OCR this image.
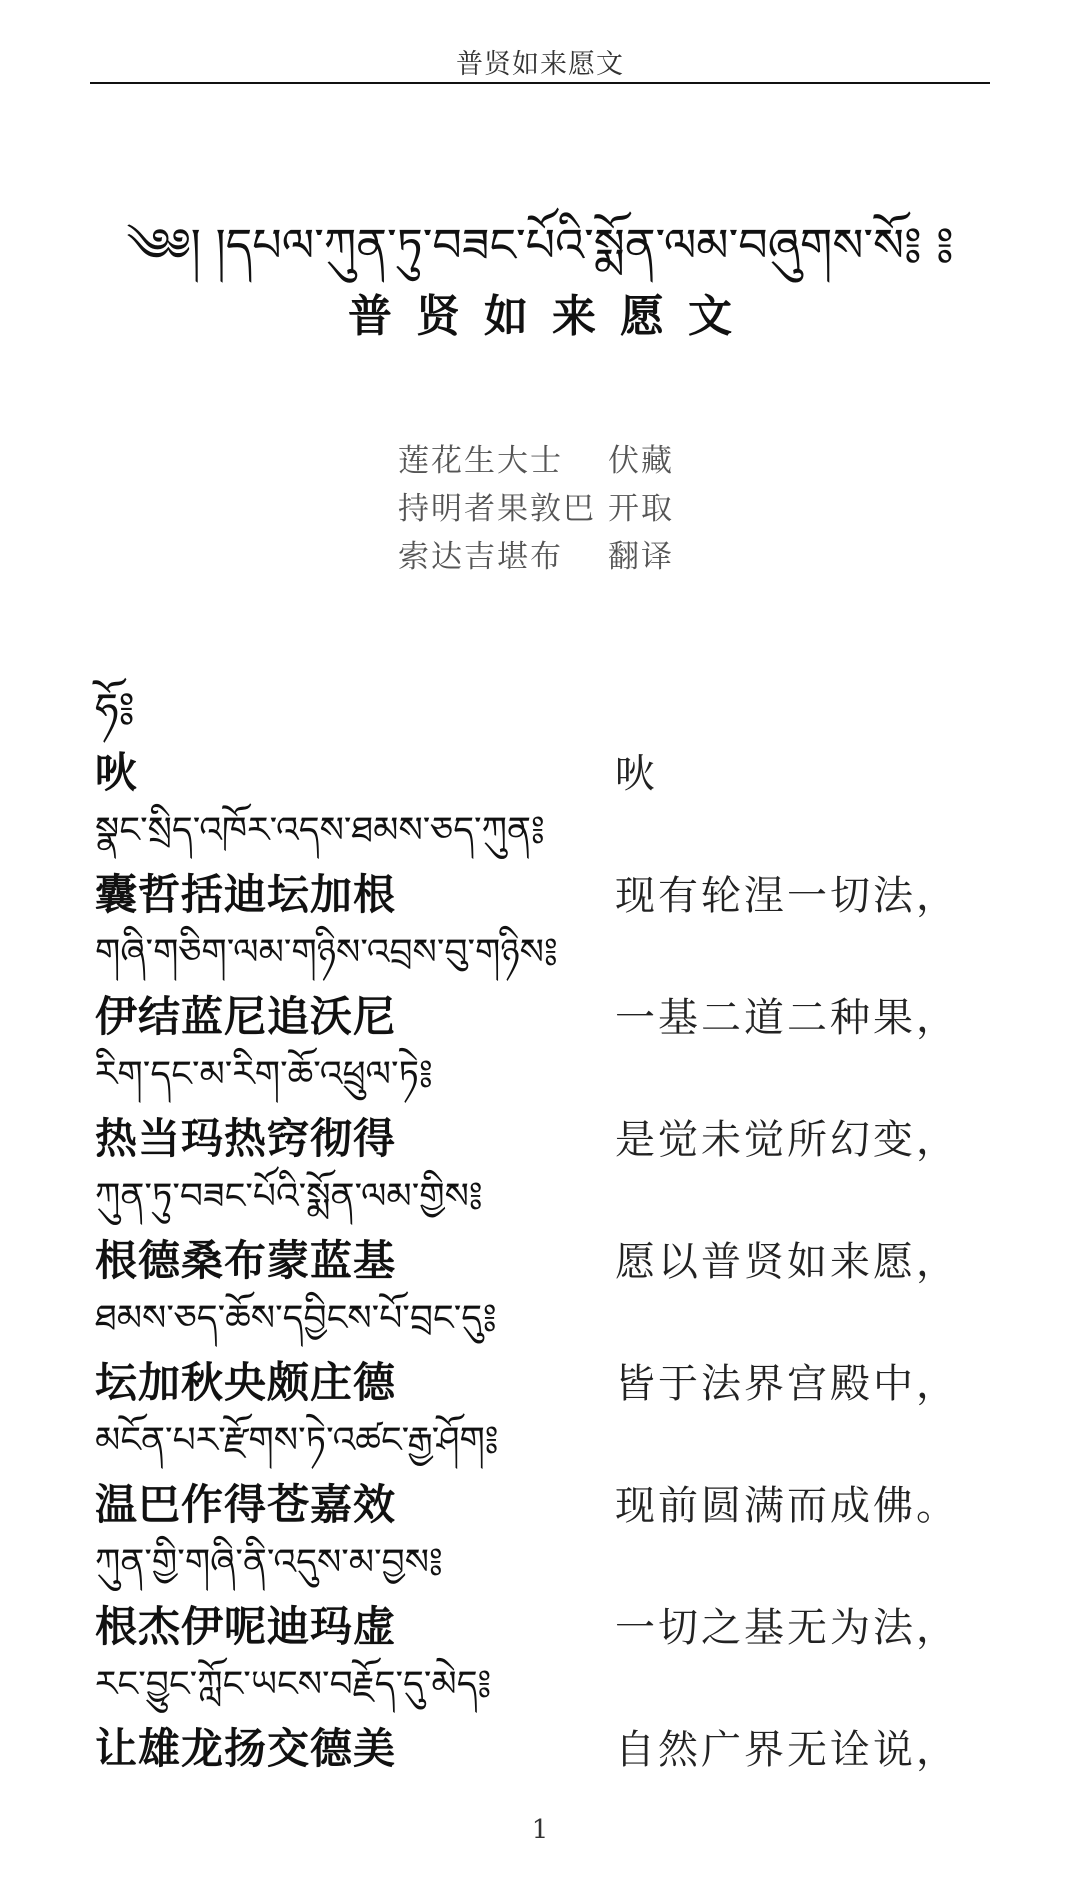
普贤如来愿文
༄༅། །དཔལ་ཀུན་ཏུ་བཟང་པོའི་སྨོན་ལམ་བཞུགས་སོ༔ ༔
普贤如来愿文
莲花生大士	伏藏
持明者果敦巴 开取
索达吉堪布	翻译
ཧོ༔
吙	吙
སྣང་སྲིད་འཁོར་འདས་ཐམས་ཅད་ཀུན༔
囊哲括迪坛加根	现有轮涅一切法，
གཞི་གཅིག་ལམ་གཉིས་འབྲས་བུ་གཉིས༔
伊结蓝尼追沃尼	一基二道二种果，
རིག་དང་མ་རིག་ཆོ་འཕྲུལ་ཏེ༔
热当玛热窍彻得	是觉未觉所幻变，
ཀུན་ཏུ་བཟང་པོའི་སྨོན་ལམ་གྱིས༔
根德桑布蒙蓝基	愿以普贤如来愿，
ཐམས་ཅད་ཆོས་དབྱིངས་པོ་བྲང་དུ༔
坛加秋央颇庄德	皆于法界宫殿中，
མངོན་པར་རྫོགས་ཏེ་འཚང་རྒྱ་ཤོག༔
温巴作得苍嘉效	现前圆满而成佛。
ཀུན་གྱི་གཞི་ནི་འདུས་མ་བྱས༔
根杰伊呢迪玛虚	一切之基无为法，
རང་བྱུང་ཀློང་ཡངས་བརྗོད་དུ་མེད༔
让雄龙扬交德美	自然广界无诠说，
1
